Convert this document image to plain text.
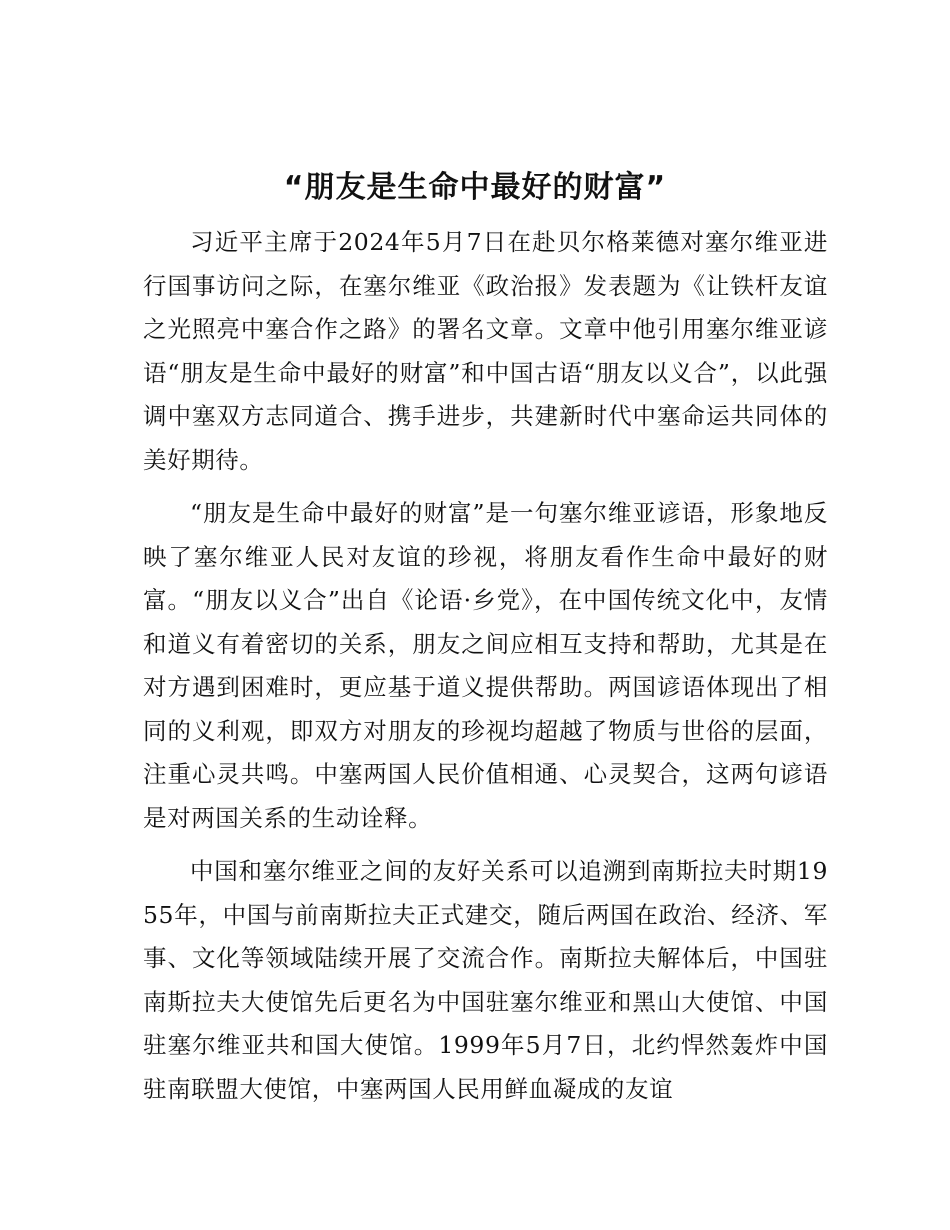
“朋友是生命中最好的财富”

习近平主席于2024年5月7日在赴贝尔格莱德对塞尔维亚进行国事访问之际，在塞尔维亚《政治报》发表题为《让铁杆友谊之光照亮中塞合作之路》的署名文章。文章中他引用塞尔维亚谚语“朋友是生命中最好的财富”和中国古语“朋友以义合”，以此强调中塞双方志同道合、携手进步，共建新时代中塞命运共同体的美好期待。

“朋友是生命中最好的财富”是一句塞尔维亚谚语，形象地反映了塞尔维亚人民对友谊的珍视，将朋友看作生命中最好的财富。“朋友以义合”出自《论语·乡党》，在中国传统文化中，友情和道义有着密切的关系，朋友之间应相互支持和帮助，尤其是在对方遇到困难时，更应基于道义提供帮助。两国谚语体现出了相同的义利观，即双方对朋友的珍视均超越了物质与世俗的层面，注重心灵共鸣。中塞两国人民价值相通、心灵契合，这两句谚语是对两国关系的生动诠释。

中国和塞尔维亚之间的友好关系可以追溯到南斯拉夫时期1955年，中国与前南斯拉夫正式建交，随后两国在政治、经济、军事、文化等领域陆续开展了交流合作。南斯拉夫解体后，中国驻南斯拉夫大使馆先后更名为中国驻塞尔维亚和黑山大使馆、中国驻塞尔维亚共和国大使馆。1999年5月7日，北约悍然轰炸中国驻南联盟大使馆，中塞两国人民用鲜血凝成的友谊
